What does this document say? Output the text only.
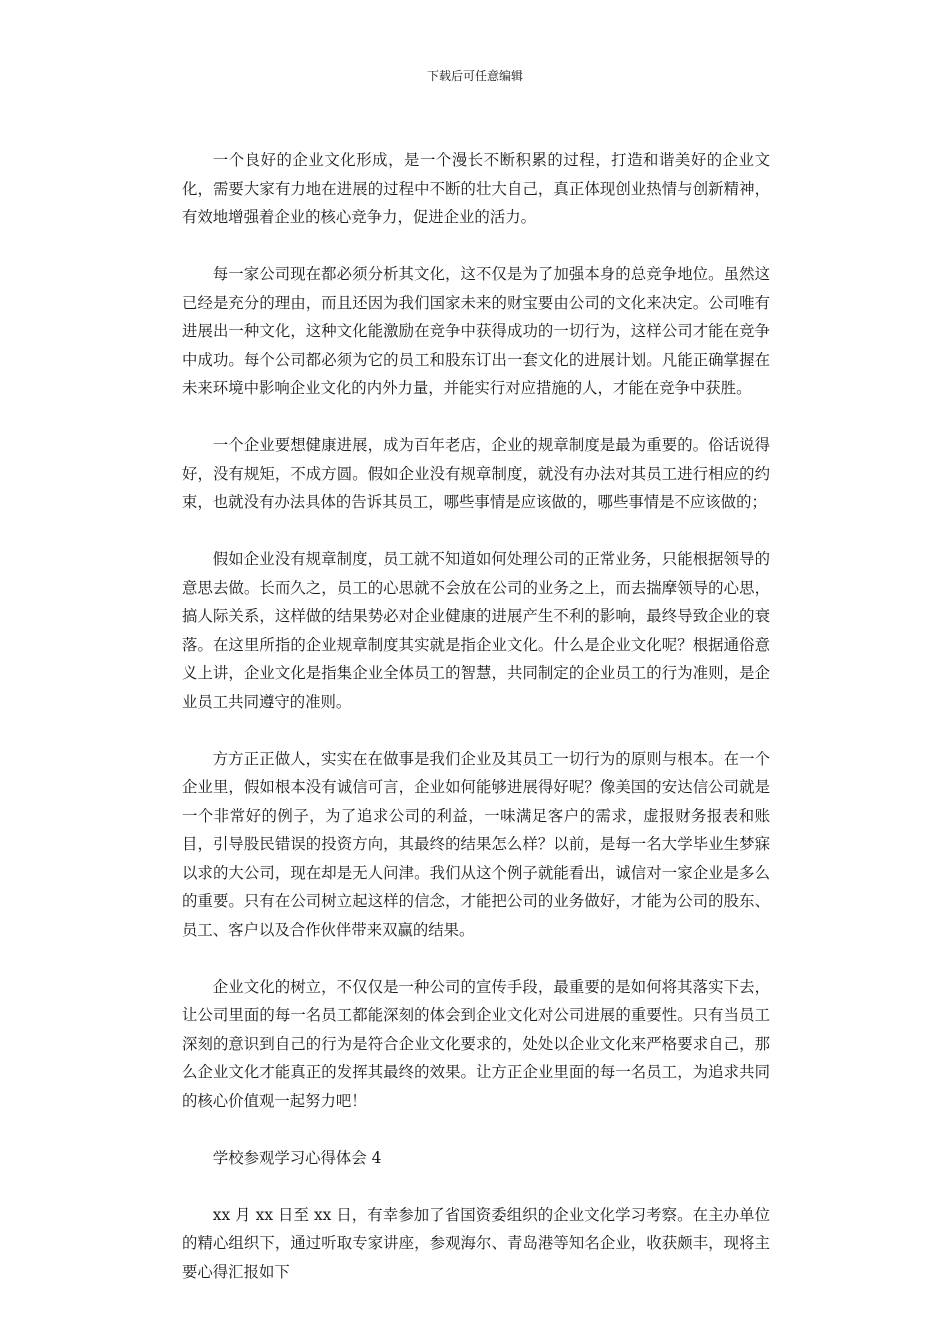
下载后可任意编辑

一个良好的企业文化形成，是一个漫长不断积累的过程，打造和谐美好的企业文化，需要大家有力地在进展的过程中不断的壮大自己，真正体现创业热情与创新精神，有效地增强着企业的核心竞争力，促进企业的活力。

每一家公司现在都必须分析其文化，这不仅是为了加强本身的总竞争地位。虽然这已经是充分的理由，而且还因为我们国家未来的财宝要由公司的文化来决定。公司唯有进展出一种文化，这种文化能激励在竞争中获得成功的一切行为，这样公司才能在竞争中成功。每个公司都必须为它的员工和股东订出一套文化的进展计划。凡能正确掌握在未来环境中影响企业文化的内外力量，并能实行对应措施的人，才能在竞争中获胜。

一个企业要想健康进展，成为百年老店，企业的规章制度是最为重要的。俗话说得好，没有规矩，不成方圆。假如企业没有规章制度，就没有办法对其员工进行相应的约束，也就没有办法具体的告诉其员工，哪些事情是应该做的，哪些事情是不应该做的；

假如企业没有规章制度，员工就不知道如何处理公司的正常业务，只能根据领导的意思去做。长而久之，员工的心思就不会放在公司的业务之上，而去揣摩领导的心思，搞人际关系，这样做的结果势必对企业健康的进展产生不利的影响，最终导致企业的衰落。在这里所指的企业规章制度其实就是指企业文化。什么是企业文化呢？根据通俗意义上讲，企业文化是指集企业全体员工的智慧，共同制定的企业员工的行为准则，是企业员工共同遵守的准则。

方方正正做人，实实在在做事是我们企业及其员工一切行为的原则与根本。在一个企业里，假如根本没有诚信可言，企业如何能够进展得好呢？像美国的安达信公司就是一个非常好的例子，为了追求公司的利益，一味满足客户的需求，虚报财务报表和账目，引导股民错误的投资方向，其最终的结果怎么样？以前，是每一名大学毕业生梦寐以求的大公司，现在却是无人问津。我们从这个例子就能看出，诚信对一家企业是多么的重要。只有在公司树立起这样的信念，才能把公司的业务做好，才能为公司的股东、员工、客户以及合作伙伴带来双赢的结果。

企业文化的树立，不仅仅是一种公司的宣传手段，最重要的是如何将其落实下去，让公司里面的每一名员工都能深刻的体会到企业文化对公司进展的重要性。只有当员工深刻的意识到自己的行为是符合企业文化要求的，处处以企业文化来严格要求自己，那么企业文化才能真正的发挥其最终的效果。让方正企业里面的每一名员工，为追求共同的核心价值观一起努力吧！

学校参观学习心得体会 4

xx 月 xx 日至 xx 日，有幸参加了省国资委组织的企业文化学习考察。在主办单位的精心组织下，通过听取专家讲座，参观海尔、青岛港等知名企业，收获颇丰，现将主要心得汇报如下
